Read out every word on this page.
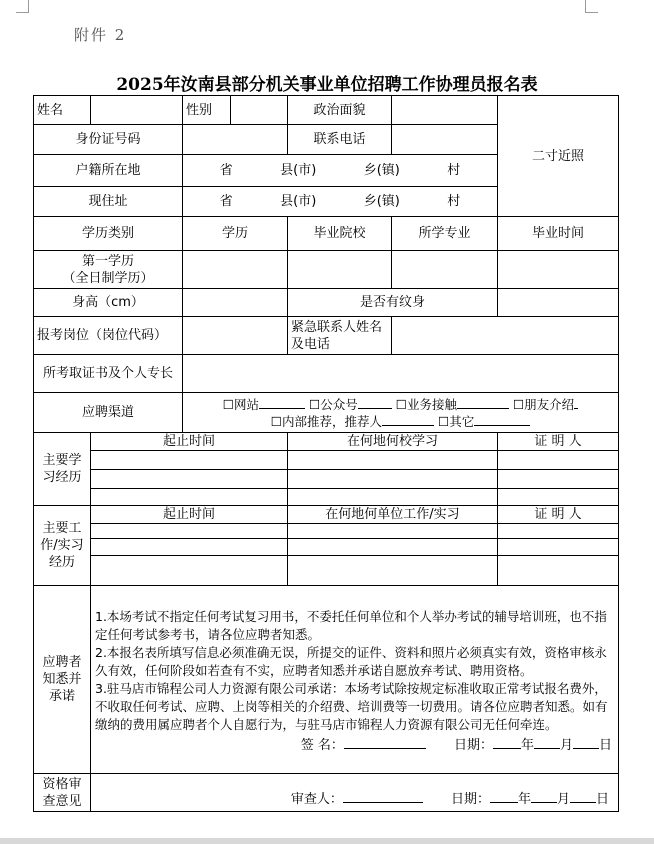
附件 2
2025年汝南县部分机关事业单位招聘工作协理员报名表
姓名		性别		政治面貌		二寸近照
身份证号码				联系电话		
户籍所在地		省 县(市) 乡(镇) 村				

现住址		省 县(市) 乡(镇) 村				

学历类别		学历		毕业院校	所学专业	毕业时间
第一学历
（全日制学历）						
身高（cm）				是否有纹身		
报考岗位（岗位代码）				紧急联系人姓名及电话		
所考取证书及个人专长						
应聘渠道		☐网站 ☐公众号 ☐业务接触 ☐朋友介绍
☐内部推荐，推荐人 ☐其它				
主要学习经历	起止时间			在何地何校学习		证 明 人

主要工作/实习经历	起止时间			在何地何单位工作/实习		证 明 人

应聘者知悉并承诺	1.本场考试不指定任何考试复习用书，不委托任何单位和个人举办考试的辅导培训班，也不指定任何考试参考书，请各位应聘者知悉。
2.本报名表所填写信息必须准确无误，所提交的证件、资料和照片必须真实有效，资格审核永久有效，任何阶段如若查有不实，应聘者知悉并承诺自愿放弃考试、聘用资格。
3.驻马店市锦程公司人力资源有限公司承诺：本场考试除按规定标准收取正常考试报名费外，不收取任何考试、应聘、上岗等相关的介绍费、培训费等一切费用。请各位应聘者知悉。如有缴纳的费用属应聘者个人自愿行为，与驻马店市锦程人力资源有限公司无任何牵连。
签 名： 日期： 年 月 日					

资格审查意见	审查人： 日期： 年 月 日					
